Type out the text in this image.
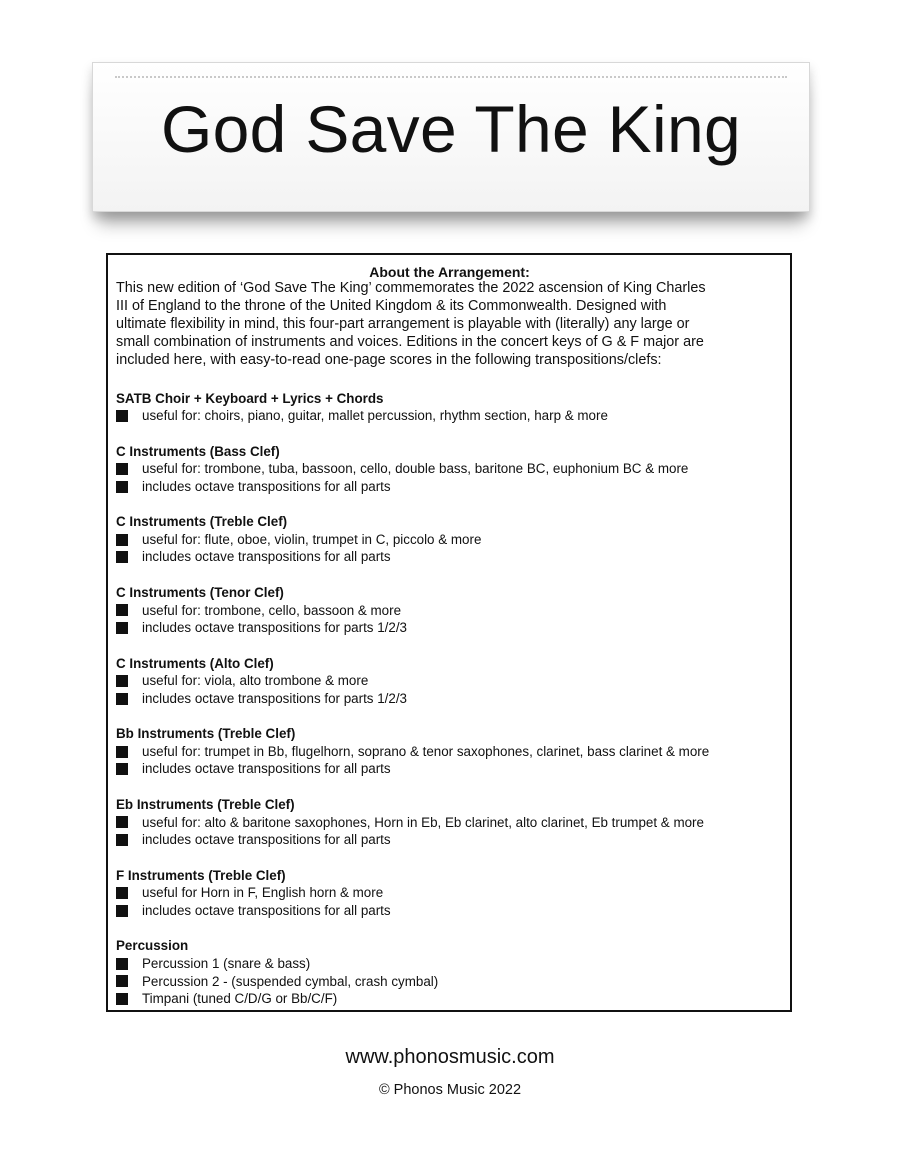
God Save The King
About the Arrangement:
This new edition of ‘God Save The King’ commemorates the 2022 ascension of King Charles
III of England to the throne of the United Kingdom & its Commonwealth. Designed with
ultimate flexibility in mind, this four-part arrangement is playable with (literally) any large or
small combination of instruments and voices. Editions in the concert keys of G & F major are
included here, with easy-to-read one-page scores in the following transpositions/clefs:
SATB Choir + Keyboard + Lyrics + Chords
useful for: choirs, piano, guitar, mallet percussion, rhythm section, harp & more
C Instruments (Bass Clef)
useful for: trombone, tuba, bassoon, cello, double bass, baritone BC, euphonium BC & more
includes octave transpositions for all parts
C Instruments (Treble Clef)
useful for: flute, oboe, violin, trumpet in C, piccolo & more
includes octave transpositions for all parts
C Instruments (Tenor Clef)
useful for: trombone, cello, bassoon & more
includes octave transpositions for parts 1/2/3
C Instruments (Alto Clef)
useful for: viola, alto trombone & more
includes octave transpositions for parts 1/2/3
Bb Instruments (Treble Clef)
useful for: trumpet in Bb, flugelhorn, soprano & tenor saxophones, clarinet, bass clarinet & more
includes octave transpositions for all parts
Eb Instruments (Treble Clef)
useful for: alto & baritone saxophones, Horn in Eb, Eb clarinet, alto clarinet, Eb trumpet & more
includes octave transpositions for all parts
F Instruments (Treble Clef)
useful for Horn in F, English horn & more
includes octave transpositions for all parts
Percussion
Percussion 1 (snare & bass)
Percussion 2 - (suspended cymbal, crash cymbal)
Timpani (tuned C/D/G or Bb/C/F)
www.phonosmusic.com
© Phonos Music 2022
